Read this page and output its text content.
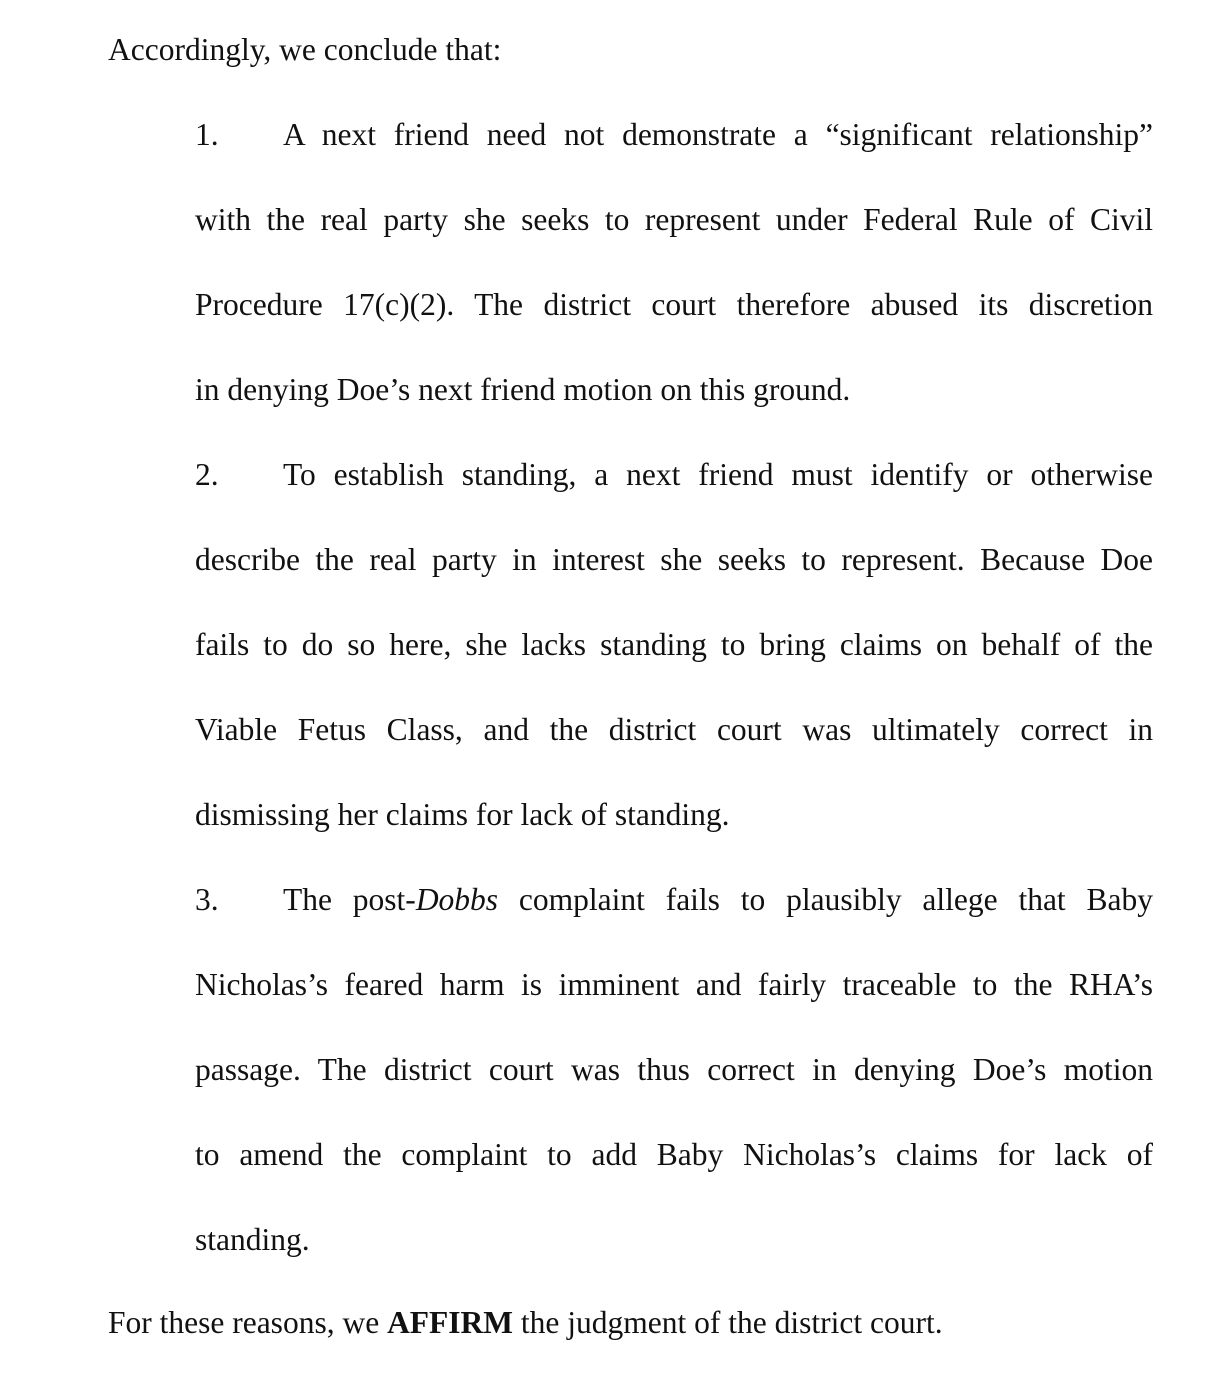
Accordingly, we conclude that:
1. A next friend need not demonstrate a “significant relationship”
with the real party she seeks to represent under Federal Rule of Civil
Procedure 17(c)(2). The district court therefore abused its discretion
in denying Doe’s next friend motion on this ground.
2. To establish standing, a next friend must identify or otherwise
describe the real party in interest she seeks to represent. Because Doe
fails to do so here, she lacks standing to bring claims on behalf of the
Viable Fetus Class, and the district court was ultimately correct in
dismissing her claims for lack of standing.
3. The post-Dobbs complaint fails to plausibly allege that Baby
Nicholas’s feared harm is imminent and fairly traceable to the RHA’s
passage. The district court was thus correct in denying Doe’s motion
to amend the complaint to add Baby Nicholas’s claims for lack of
standing.
For these reasons, we AFFIRM the judgment of the district court.
